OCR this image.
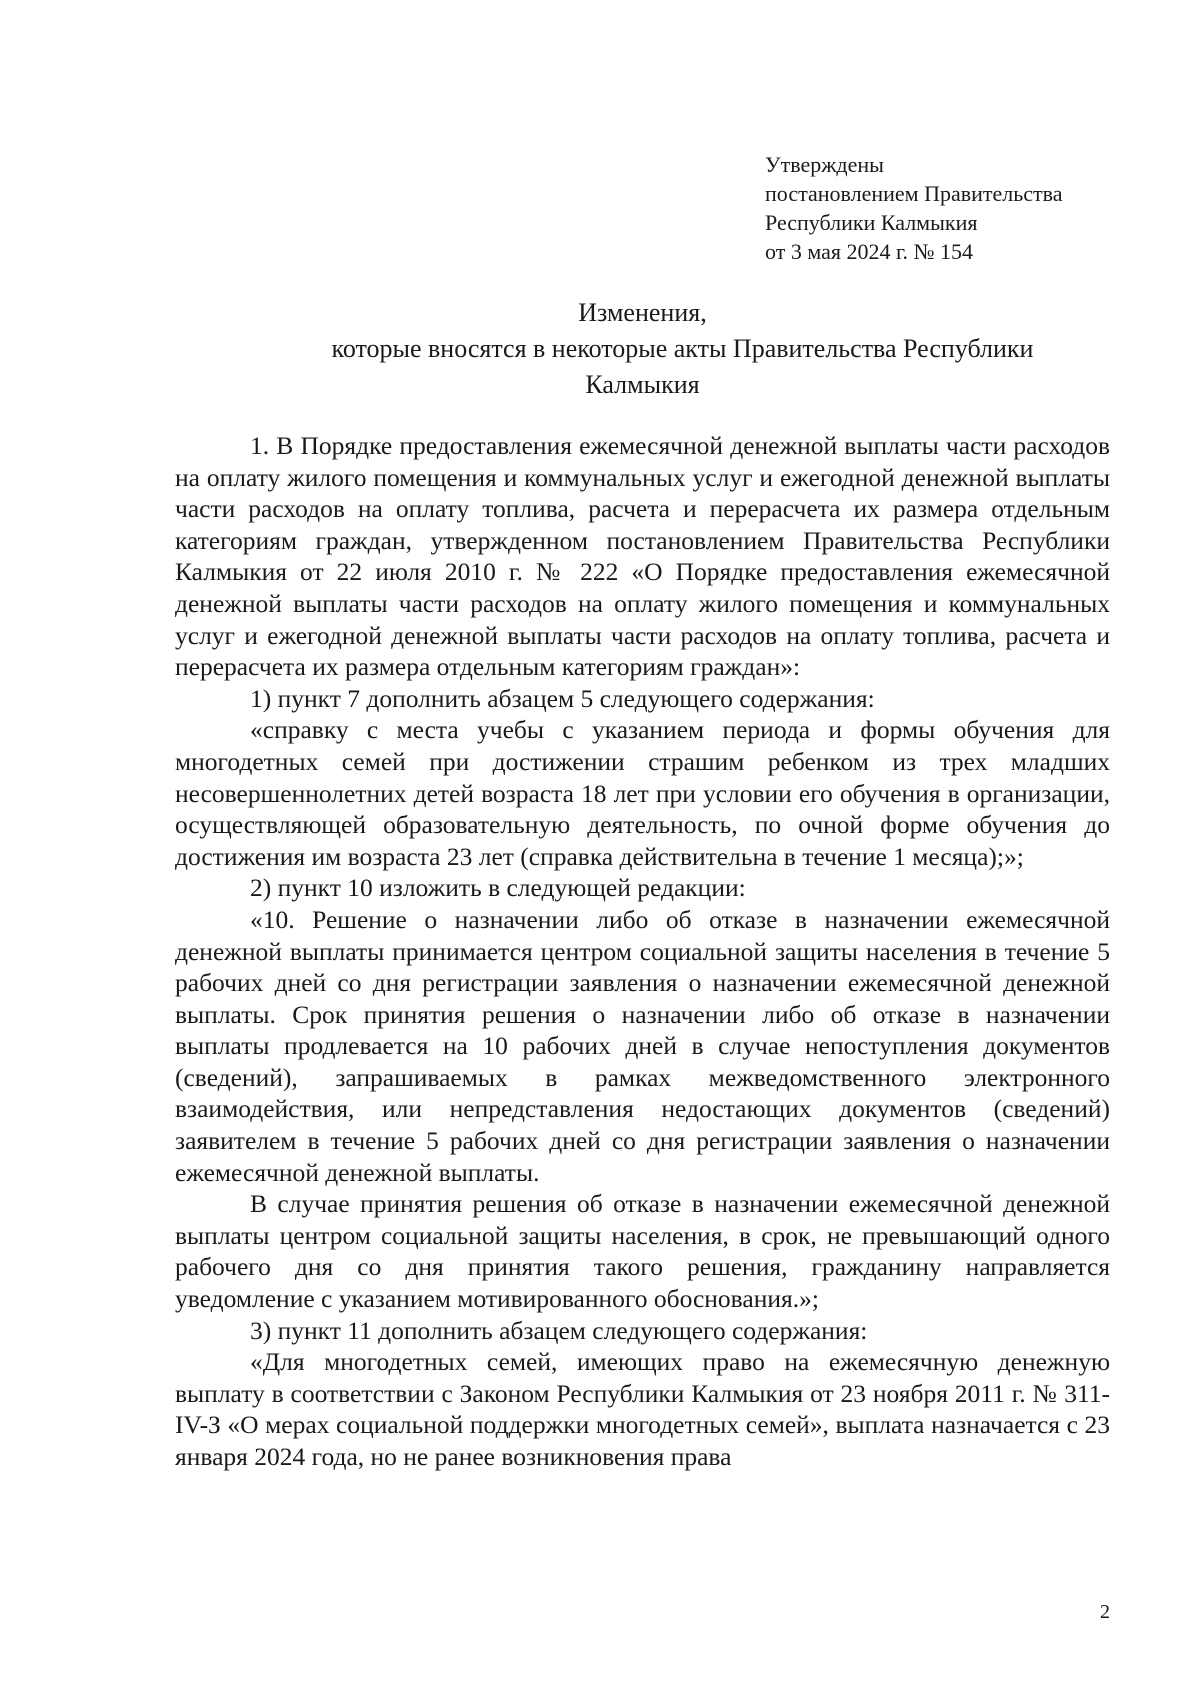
Утверждены
постановлением Правительства
Республики Калмыкия
от 3 мая 2024 г. № 154
Изменения,
которые вносятся в некоторые акты Правительства Республики
Калмыкия

1. В Порядке предоставления ежемесячной денежной выплаты части расходов на оплату жилого помещения и коммунальных услуг и ежегодной денежной выплаты части расходов на оплату топлива, расчета и перерасчета их размера отдельным категориям граждан, утвержденном постановлением Правительства Республики Калмыкия от 22 июля 2010 г. № 222 «О Порядке предоставления ежемесячной денежной выплаты части расходов на оплату жилого помещения и коммунальных услуг и ежегодной денежной выплаты части расходов на оплату топлива, расчета и перерасчета их размера отдельным категориям граждан»:

1) пункт 7 дополнить абзацем 5 следующего содержания:

«справку с места учебы с указанием периода и формы обучения для многодетных семей при достижении страшим ребенком из трех младших несовершеннолетних детей возраста 18 лет при условии его обучения в организации, осуществляющей образовательную деятельность, по очной форме обучения до достижения им возраста 23 лет (справка действительна в течение 1 месяца);»;

2) пункт 10 изложить в следующей редакции:

«10. Решение о назначении либо об отказе в назначении ежемесячной денежной выплаты принимается центром социальной защиты населения в течение 5 рабочих дней со дня регистрации заявления о назначении ежемесячной денежной выплаты. Срок принятия решения о назначении либо об отказе в назначении выплаты продлевается на 10 рабочих дней в случае непоступления документов (сведений), запрашиваемых в рамках межведомственного электронного взаимодействия, или непредставления недостающих документов (сведений) заявителем в течение 5 рабочих дней со дня регистрации заявления о назначении ежемесячной денежной выплаты.

В случае принятия решения об отказе в назначении ежемесячной денежной выплаты центром социальной защиты населения, в срок, не превышающий одного рабочего дня со дня принятия такого решения, гражданину направляется уведомление с указанием мотивированного обоснования.»;

3) пункт 11 дополнить абзацем следующего содержания:

«Для многодетных семей, имеющих право на ежемесячную денежную выплату в соответствии с Законом Республики Калмыкия от 23 ноября 2011 г. № 311-IV-З «О мерах социальной поддержки многодетных семей», выплата назначается с 23 января 2024 года, но не ранее возникновения права

2
